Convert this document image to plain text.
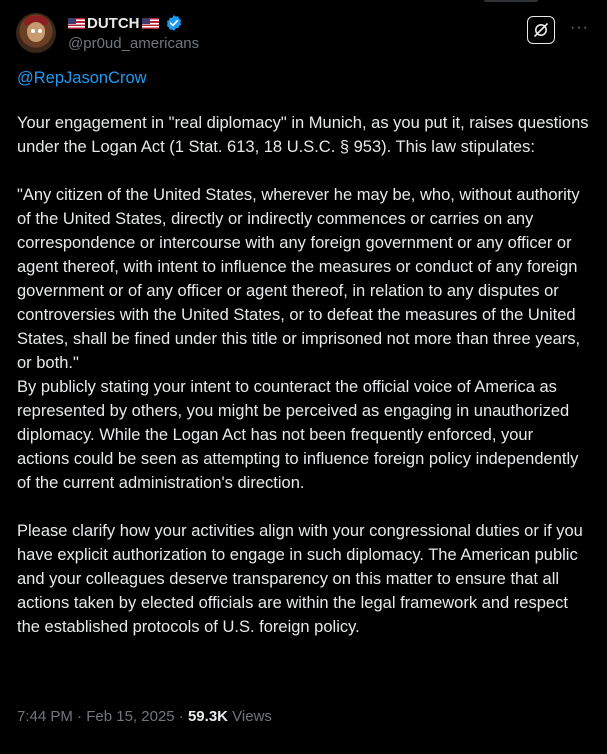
DUTCH
@pr0ud_americans
···
@RepJasonCrow
Your engagement in "real diplomacy" in Munich, as you put it, raises questions under the Logan Act (1 Stat. 613, 18 U.S.C. § 953). This law stipulates:
"Any citizen of the United States, wherever he may be, who, without authority of the United States, directly or indirectly commences or carries on any correspondence or intercourse with any foreign government or any officer or agent thereof, with intent to influence the measures or conduct of any foreign government or of any officer or agent thereof, in relation to any disputes or controversies with the United States, or to defeat the measures of the United States, shall be fined under this title or imprisoned not more than three years, or both."
By publicly stating your intent to counteract the official voice of America as represented by others, you might be perceived as engaging in unauthorized diplomacy. While the Logan Act has not been frequently enforced, your actions could be seen as attempting to influence foreign policy independently of the current administration's direction.
Please clarify how your activities align with your congressional duties or if you have explicit authorization to engage in such diplomacy. The American public and your colleagues deserve transparency on this matter to ensure that all actions taken by elected officials are within the legal framework and respect the established protocols of U.S. foreign policy.
7:44 PM · Feb 15, 2025 · 59.3K Views
